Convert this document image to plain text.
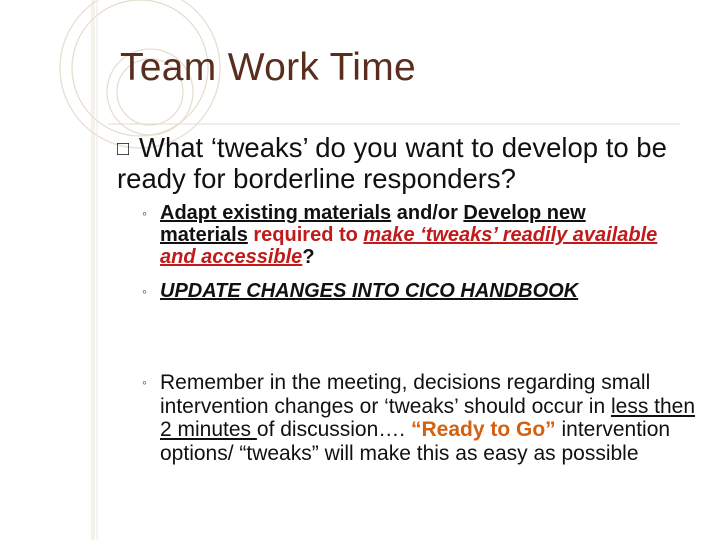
Team Work Time
□ What ‘tweaks’ do you want to develop to be ready for borderline responders?
◦ Adapt existing materials and/or Develop new materials required to make ‘tweaks’ readily available and accessible?
◦ UPDATE CHANGES INTO CICO HANDBOOK
◦ Remember in the meeting, decisions regarding small intervention changes or ‘tweaks’ should occur in less then 2 minutes of discussion…. “Ready to Go” intervention options/ “tweaks” will make this as easy as possible
